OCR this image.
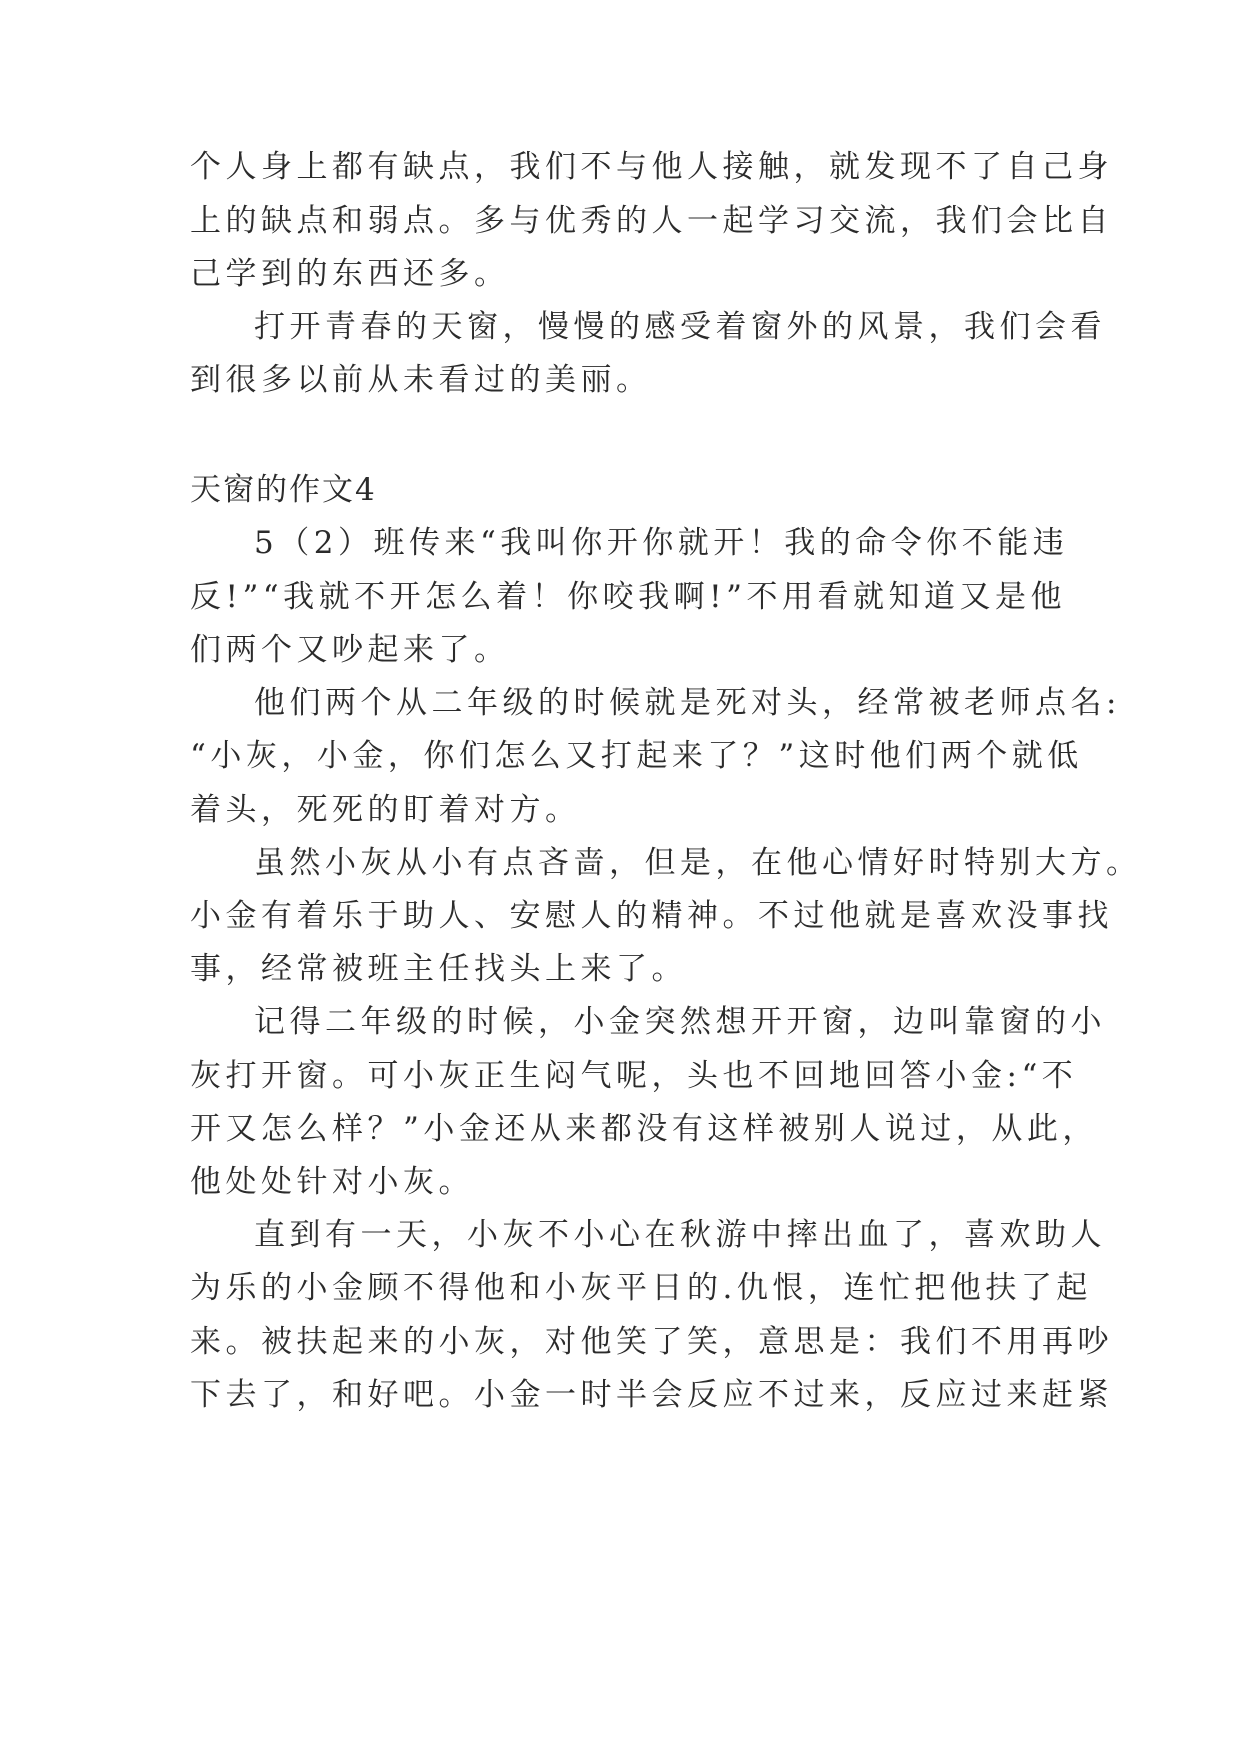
个人身上都有缺点，我们不与他人接触，就发现不了自己身
上的缺点和弱点。多与优秀的人一起学习交流，我们会比自
己学到的东西还多。
打开青春的天窗，慢慢的感受着窗外的风景，我们会看
到很多以前从未看过的美丽。
天窗的作文4
5（2）班传来“我叫你开你就开！我的命令你不能违
反!”“我就不开怎么着！你咬我啊!”不用看就知道又是他
们两个又吵起来了。
他们两个从二年级的时候就是死对头，经常被老师点名:
“小灰，小金，你们怎么又打起来了？”这时他们两个就低
着头，死死的盯着对方。
虽然小灰从小有点吝啬，但是，在他心情好时特别大方。
小金有着乐于助人、安慰人的精神。不过他就是喜欢没事找
事，经常被班主任找头上来了。
记得二年级的时候，小金突然想开开窗，边叫靠窗的小
灰打开窗。可小灰正生闷气呢，头也不回地回答小金:“不
开又怎么样？”小金还从来都没有这样被别人说过，从此，
他处处针对小灰。
直到有一天，小灰不小心在秋游中摔出血了，喜欢助人
为乐的小金顾不得他和小灰平日的.仇恨，连忙把他扶了起
来。被扶起来的小灰，对他笑了笑，意思是：我们不用再吵
下去了，和好吧。小金一时半会反应不过来，反应过来赶紧
